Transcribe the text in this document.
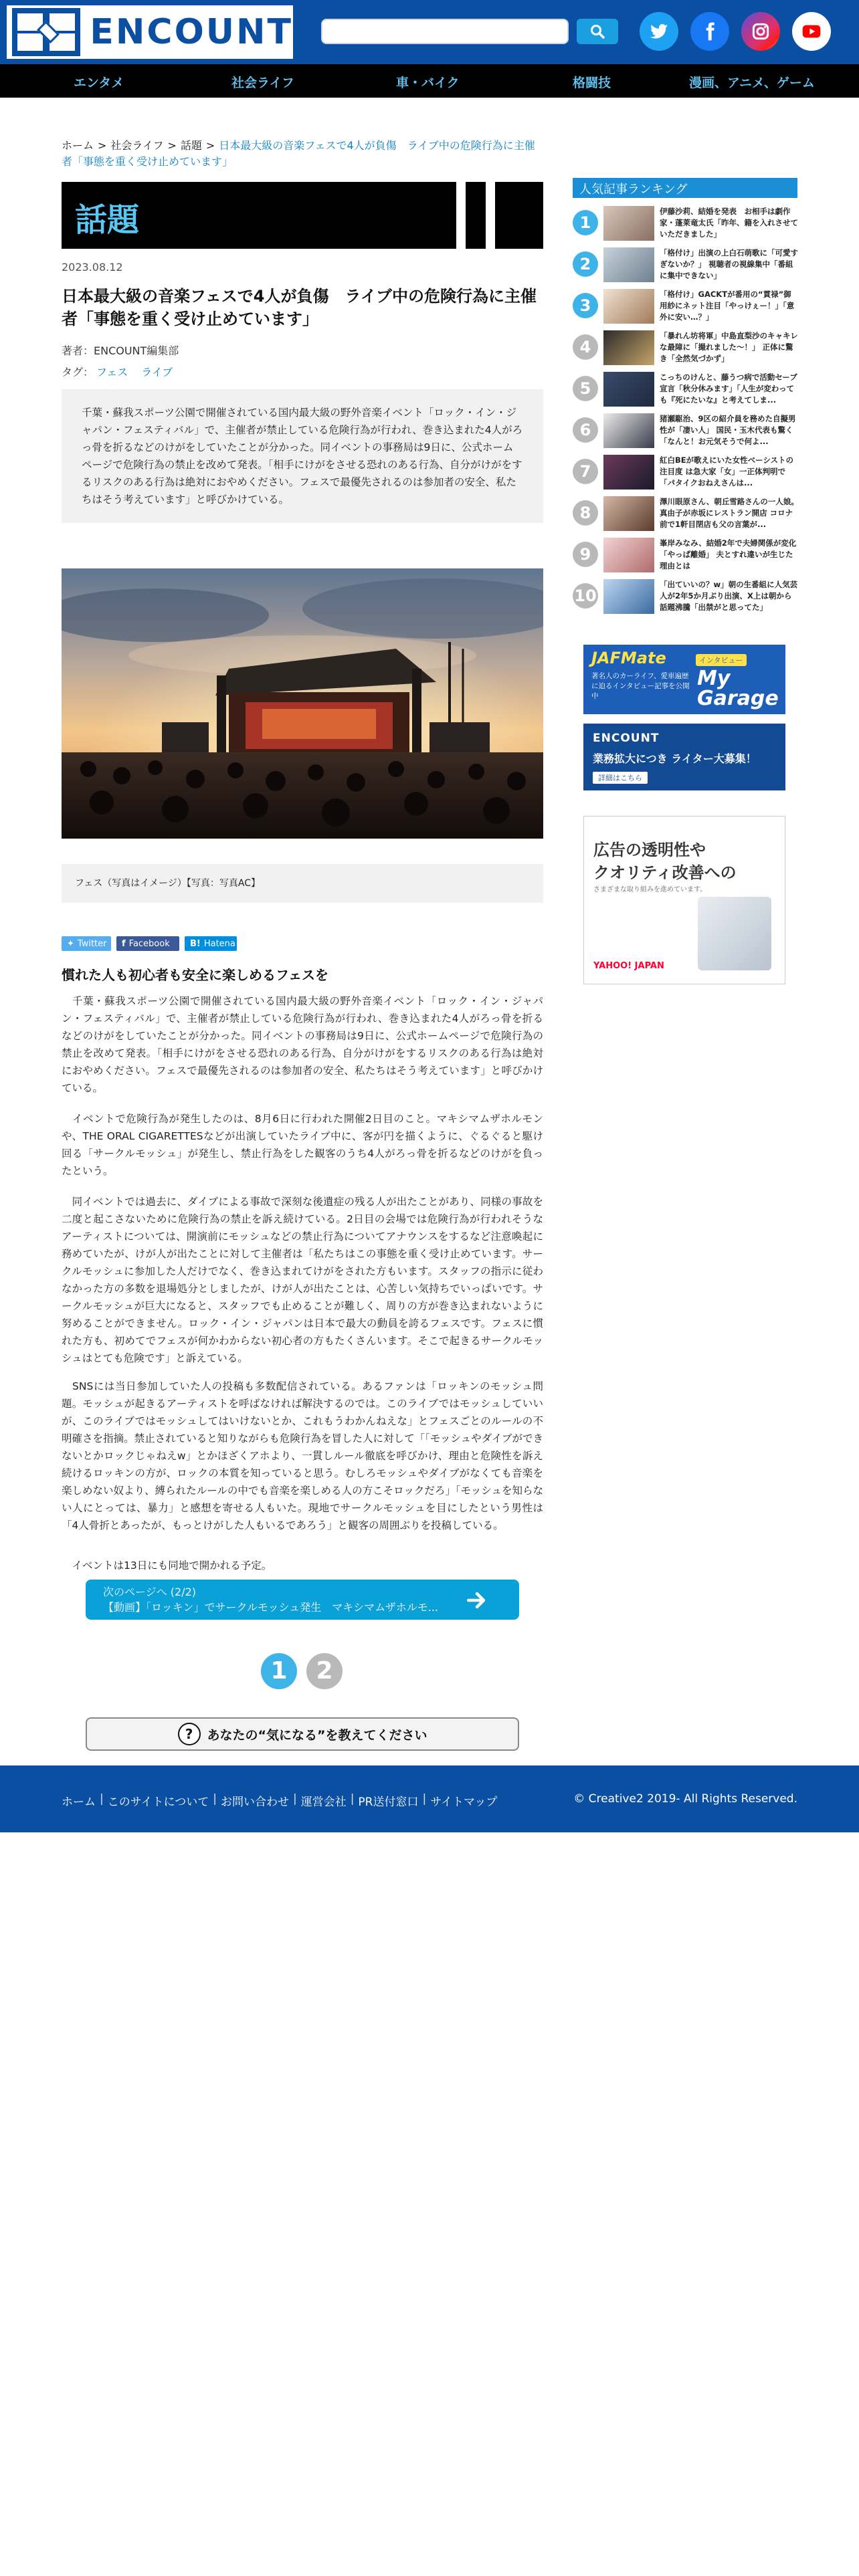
ENCOUNT
エンタメ	社会ライフ	車・バイク	格闘技	漫画、アニメ、ゲーム
ホーム > 社会ライフ > 話題 > 日本最大級の音楽フェスで4人が負傷　ライブ中の危険行為に主催者「事態を重く受け止めています」
話題
2023.08.12
日本最大級の音楽フェスで4人が負傷　ライブ中の危険行為に主催者「事態を重く受け止めています」
著者：ENCOUNT編集部
タグ： フェス ライブ
千葉・蘇我スポーツ公園で開催されている国内最大級の野外音楽イベント「ロック・イン・ジャパン・フェスティバル」で、主催者が禁止している危険行為が行われ、巻き込まれた4人がろっ骨を折るなどのけがをしていたことが分かった。同イベントの事務局は9日に、公式ホームページで危険行為の禁止を改めて発表。「相手にけがをさせる恐れのある行為、自分がけがをするリスクのある行為は絶対におやめください。フェスで最優先されるのは参加者の安全、私たちはそう考えています」と呼びかけている。
フェス（写真はイメージ）【写真：写真AC】
✦ Twitter f Facebook B! Hatena
慣れた人も初心者も安全に楽しめるフェスを

　千葉・蘇我スポーツ公園で開催されている国内最大級の野外音楽イベント「ロック・イン・ジャパン・フェスティバル」で、主催者が禁止している危険行為が行われ、巻き込まれた4人がろっ骨を折るなどのけがをしていたことが分かった。同イベントの事務局は9日に、公式ホームページで危険行為の禁止を改めて発表。「相手にけがをさせる恐れのある行為、自分がけがをするリスクのある行為は絶対におやめください。フェスで最優先されるのは参加者の安全、私たちはそう考えています」と呼びかけている。

　イベントで危険行為が発生したのは、8月6日に行われた開催2日目のこと。マキシマムザホルモンや、THE ORAL CIGARETTESなどが出演していたライブ中に、客が円を描くように、ぐるぐると駆け回る「サークルモッシュ」が発生し、禁止行為をした観客のうち4人がろっ骨を折るなどのけがを負ったという。

　同イベントでは過去に、ダイブによる事故で深刻な後遺症の残る人が出たことがあり、同様の事故を二度と起こさないために危険行為の禁止を訴え続けている。2日目の会場では危険行為が行われそうなアーティストについては、開演前にモッシュなどの禁止行為についてアナウンスをするなど注意喚起に務めていたが、けが人が出たことに対して主催者は「私たちはこの事態を重く受け止めています。サークルモッシュに参加した人だけでなく、巻き込まれてけがをされた方もいます。スタッフの指示に従わなかった方の多数を退場処分としましたが、けが人が出たことは、心苦しい気持ちでいっぱいです。サークルモッシュが巨大になると、スタッフでも止めることが難しく、周りの方が巻き込まれないように努めることができません。ロック・イン・ジャパンは日本で最大の動員を誇るフェスです。フェスに慣れた方も、初めてでフェスが何かわからない初心者の方もたくさんいます。そこで起きるサークルモッシュはとても危険です」と訴えている。

　SNSには当日参加していた人の投稿も多数配信されている。あるファンは「ロッキンのモッシュ問題。モッシュが起きるアーティストを呼ばなければ解決するのでは。このライブではモッシュしていいが、このライブではモッシュしてはいけないとか、これもうわかんねえな」とフェスごとのルールの不明確さを指摘。禁止されていると知りながらも危険行為を冒した人に対して「「モッシュやダイブができないとかロックじゃねえw」とかほざくアホより、一貫しルール徹底を呼びかけ、理由と危険性を訴え続けるロッキンの方が、ロックの本質を知っていると思う。むしろモッシュやダイブがなくても音楽を楽しめない奴より、縛られたルールの中でも音楽を楽しめる人の方こそロックだろ」「モッシュを知らない人にとっては、暴力」と感想を寄せる人もいた。現地でサークルモッシュを目にしたという男性は「4人骨折とあったが、もっとけがした人もいるであろう」と観客の周囲ぶりを投稿している。

　イベントは13日にも同地で開かれる予定。

次のページへ (2/2)
【動画】「ロッキン」でサークルモッシュ発生　マキシマムザホルモ...
1	2
?	あなたの“気になる”を教えてください
人気記事ランキング
1
伊藤沙莉、結婚を発表　お相手は劇作家・蓬莱竜太氏「昨年、籍を入れさせていただきました」
2
「格付け」出演の上白石萌歌に「可愛すぎないか？」 視聴者の視線集中「番組に集中できない」
3
「格付け」GACKTが番用の“貫禄”御用紗にネット注目「やっけぇー！」「意外に安い…？」
4
「暴れん坊将軍」中島直梨沙のキャキレな最障に「撮れました〜！」 正体に驚き「全然気づかず」
5
こっちのけんと、藤うつ病で活動セーブ宣言「秋分休みます」「人生が変わっても『死にたいな』と考えてしま...
6
猪瀬駆治、9区の紹介員を務めた自擬男性が「凄い人」 国民・玉木代表も驚く「なんと！お元気そうで何よ...
7
紅白BEが歌えにいた女性ベーシストの注目度 は急大家「女」一正体判明で「パタイクおねえさんは...
8
澤川眼原さん、朝丘雪路さんの一人娘。真由子が赤坂にレストラン開店 コロナ前で1軒目閉店も父の言葉が...
9
峯岸みなみ、結婚2年で夫婦関係が変化「やっぱ離婚」 夫とすれ違いが生じた理由とは
10
「出ていいの？w」朝の生番組に人気芸人が2年5か月ぶり出演、X上は朝から話題沸騰「出禁がと思ってた」
JAFMate
著名人のカーライフ、愛車遍歴に迫るインタビュー記事を公開中
インタビュー
My Garage
ENCOUNT
業務拡大につき ライター大募集！
詳細はこちら
広告の透明性や
クオリティ改善への
さまざまな取り組みを進めています。
YAHOO! JAPAN
ホーム | このサイトについて | お問い合わせ | 運営会社 | PR送付窓口 | サイトマップ	© Creative2 2019- All Rights Reserved.
